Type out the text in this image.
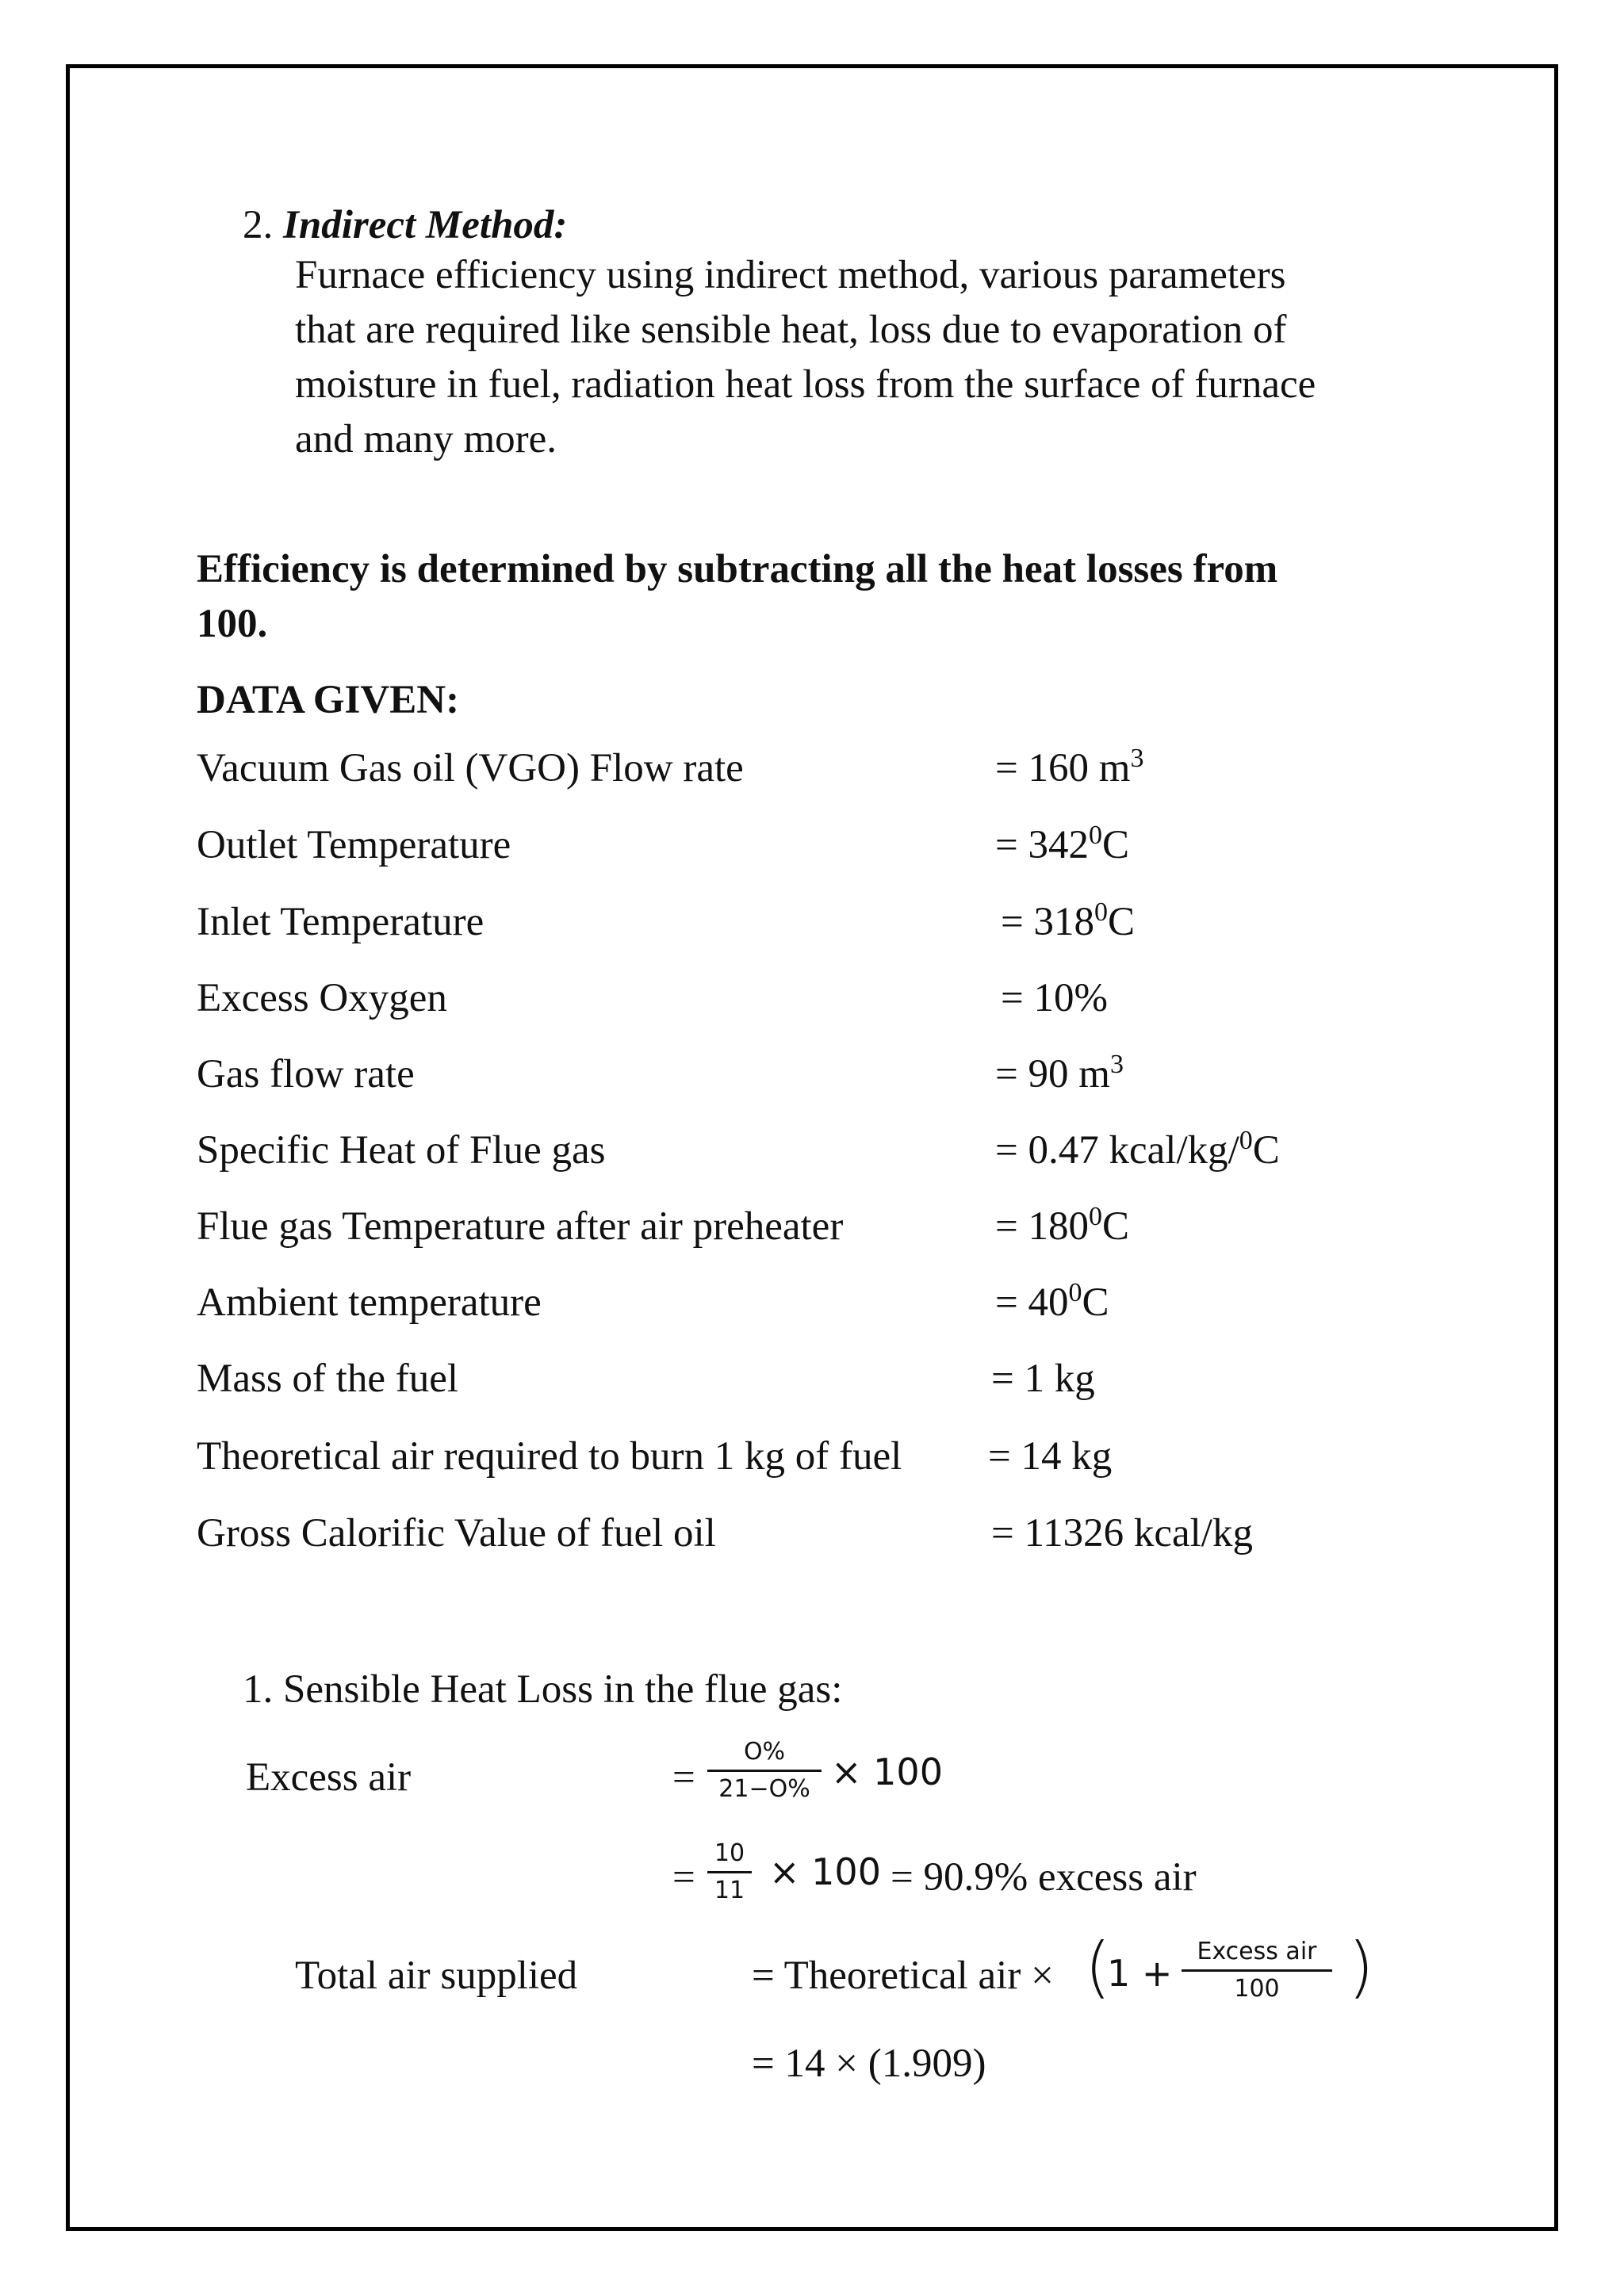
2. Indirect Method:
Furnace efficiency using indirect method, various parameters
that are required like sensible heat, loss due to evaporation of
moisture in fuel, radiation heat loss from the surface of furnace
and many more.
Efficiency is determined by subtracting all the heat losses from
100.
DATA GIVEN:
Vacuum Gas oil (VGO) Flow rate	= 160 $m^3$
Outlet Temperature	= $342^0C$
Inlet Temperature	= $318^0C$
Excess Oxygen	= 10%
Gas flow rate	= 90 $m^3$
Specific Heat of Flue gas	= 0.47 kcal/kg/$^0$C
Flue gas Temperature after air preheater	= $180^0C$
Ambient temperature	= $40^0C$
Mass of the fuel	= 1 kg
Theoretical air required to burn 1 kg of fuel = 14 kg
Gross Calorific Value of fuel oil	= 11326 kcal/kg
1. Sensible Heat Loss in the flue gas:
Excess air	=
O%
21−O% × 100
=
10
11 × 100 = 90.9% excess air
Total air supplied	= Theoretical air × (
1 +
Excess air
100	)
= 14 × (1.909)
